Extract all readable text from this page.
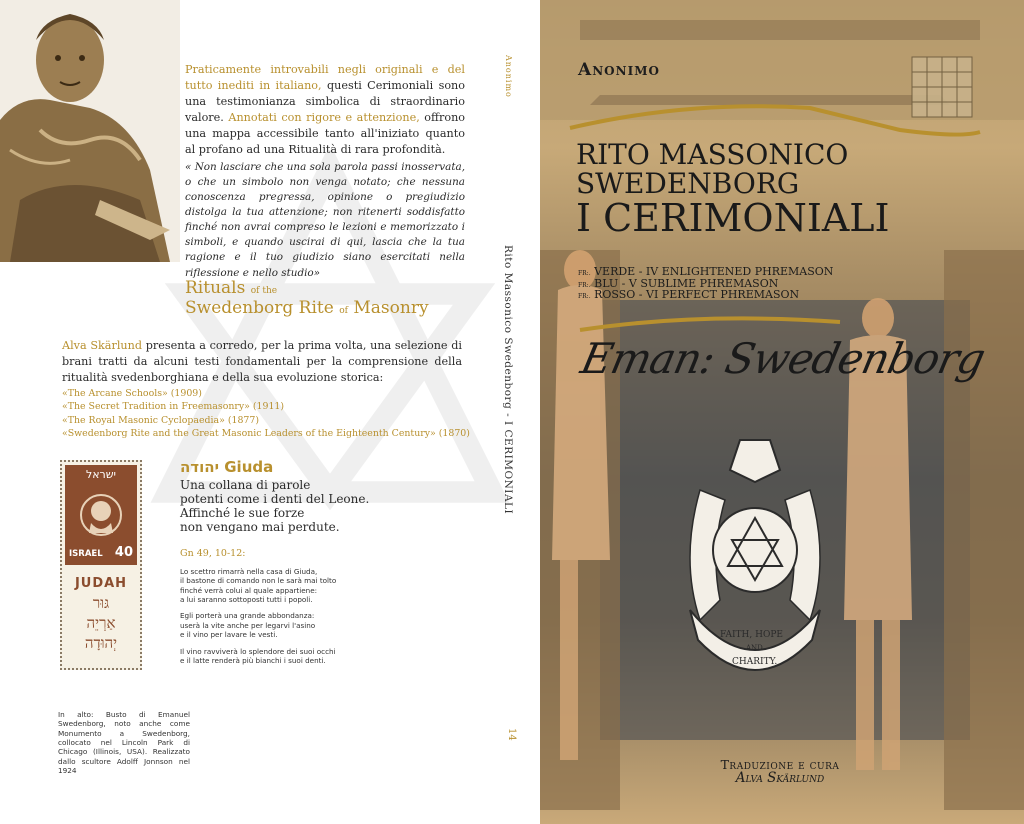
Praticamente introvabili negli originali e del tutto inediti in italiano, questi Cerimoniali sono una testimonianza simbolica di straordinario valore. Annotati con rigore e attenzione, offrono una mappa accessibile tanto all'iniziato quanto al profano ad una Ritualità di rara profondità.
« Non lasciare che una sola parola passi inosservata, o che un simbolo non venga notato; che nessuna conoscenza pregressa, opinione o pregiudizio distolga la tua attenzione; non ritenerti soddisfatto finché non avrai compreso le lezioni e memorizzato i simboli, e quando uscirai di qui, lascia che la tua ragione e il tuo giudizio siano esercitati nella riflessione e nello studio»
Rituals of the
Swedenborg Rite of Masonry
Alva Skärlund presenta a corredo, per la prima volta, una selezione di brani tratti da alcuni testi fondamentali per la comprensione della ritualità svedenborghiana e della sua evoluzione storica:
«The Arcane Schools» (1909)
«The Secret Tradition in Freemasonry» (1911)
«The Royal Masonic Cyclopaedia» (1877)
«Swedenborg Rite and the Great Masonic Leaders of the Eighteenth Century» (1870)
ישראל
ISRAEL 40
JUDAH
גּוּר
אַרְיֵה
יְהוּדָה
יהודה Giuda
Una collana di parole
potenti come i denti del Leone.
Affinché le sue forze
non vengano mai perdute.
Gn 49, 10-12:

Lo scettro rimarrà nella casa di Giuda,
il bastone di comando non le sarà mai tolto
finché verrà colui al quale appartiene:
a lui saranno sottoposti tutti i popoli.

Egli porterà una grande abbondanza:
userà la vite anche per legarvi l'asino
e il vino per lavare le vesti.

Il vino ravviverà lo splendore dei suoi occhi
e il latte renderà più bianchi i suoi denti.

In alto: Busto di Emanuel Swedenborg, noto anche come Monumento a Swedenborg, collocato nel Lincoln Park di Chicago (Illinois, USA). Realizzato dallo scultore Adolff Jonnson nel 1924
Anonimo
Rito Massonico Swedenborg - I CERIMONIALI
14
FAITH, HOPE
AND
CHARITY.
Anonimo
RITO MASSONICO
SWEDENBORG
I CERIMONIALI
FR:. VERDE - IV ENLIGHTENED PHREMASON
FR:. BLU - V SUBLIME PHREMASON
FR:. ROSSO - VI PERFECT PHREMASON
Eman: Swedenborg
Traduzione e cura
Alva Skärlund
